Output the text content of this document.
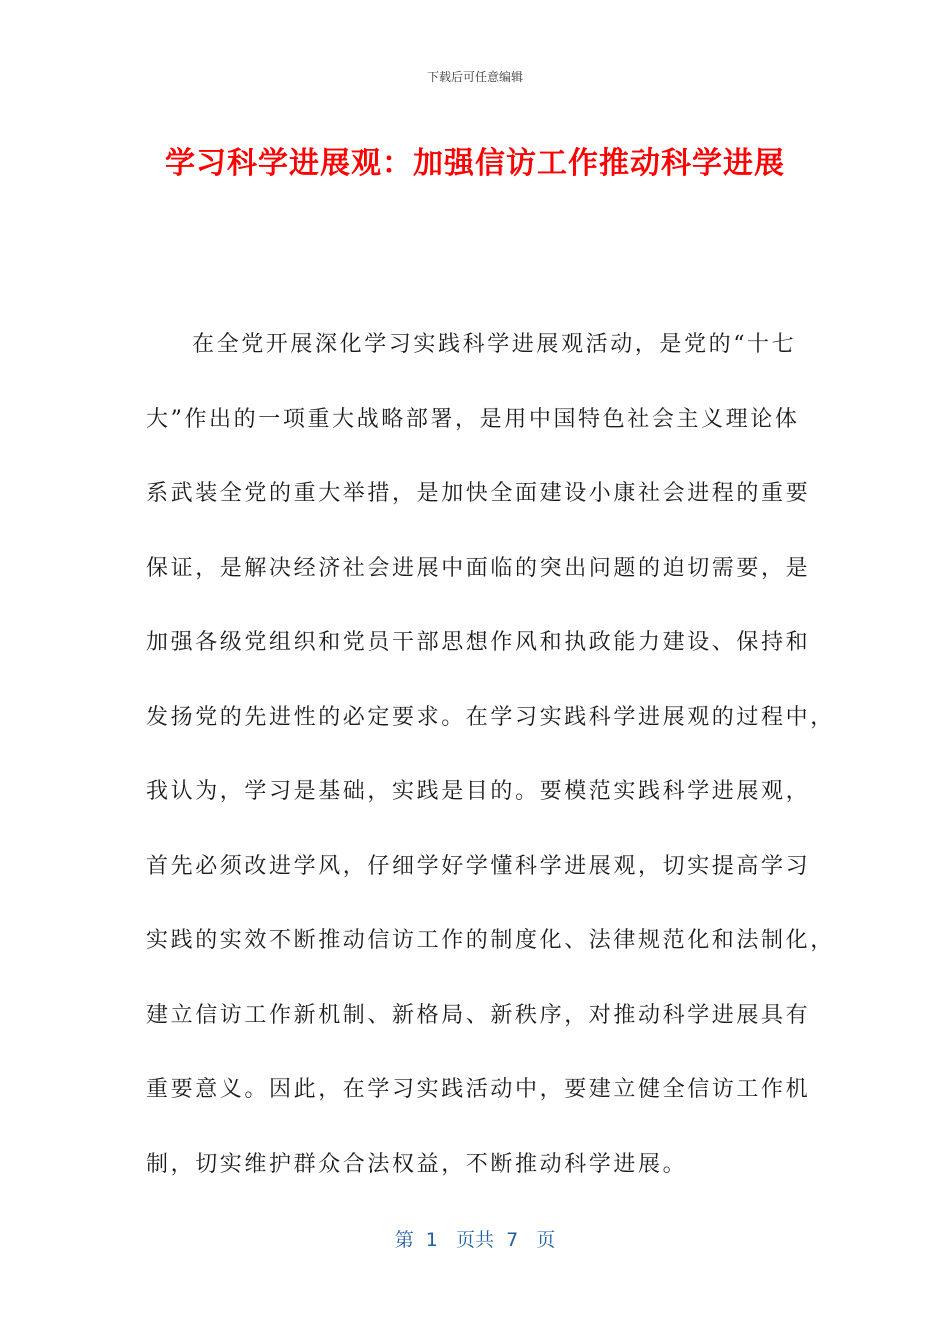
下载后可任意编辑
学习科学进展观：加强信访工作推动科学进展
在全党开展深化学习实践科学进展观活动，是党的“十七
大”作出的一项重大战略部署，是用中国特色社会主义理论体
系武装全党的重大举措，是加快全面建设小康社会进程的重要
保证，是解决经济社会进展中面临的突出问题的迫切需要，是
加强各级党组织和党员干部思想作风和执政能力建设、保持和
发扬党的先进性的必定要求。在学习实践科学进展观的过程中，
我认为，学习是基础，实践是目的。要模范实践科学进展观，
首先必须改进学风，仔细学好学懂科学进展观，切实提高学习
实践的实效不断推动信访工作的制度化、法律规范化和法制化，
建立信访工作新机制、新格局、新秩序，对推动科学进展具有
重要意义。因此，在学习实践活动中，要建立健全信访工作机
制，切实维护群众合法权益，不断推动科学进展。
第  1   页共  7   页
